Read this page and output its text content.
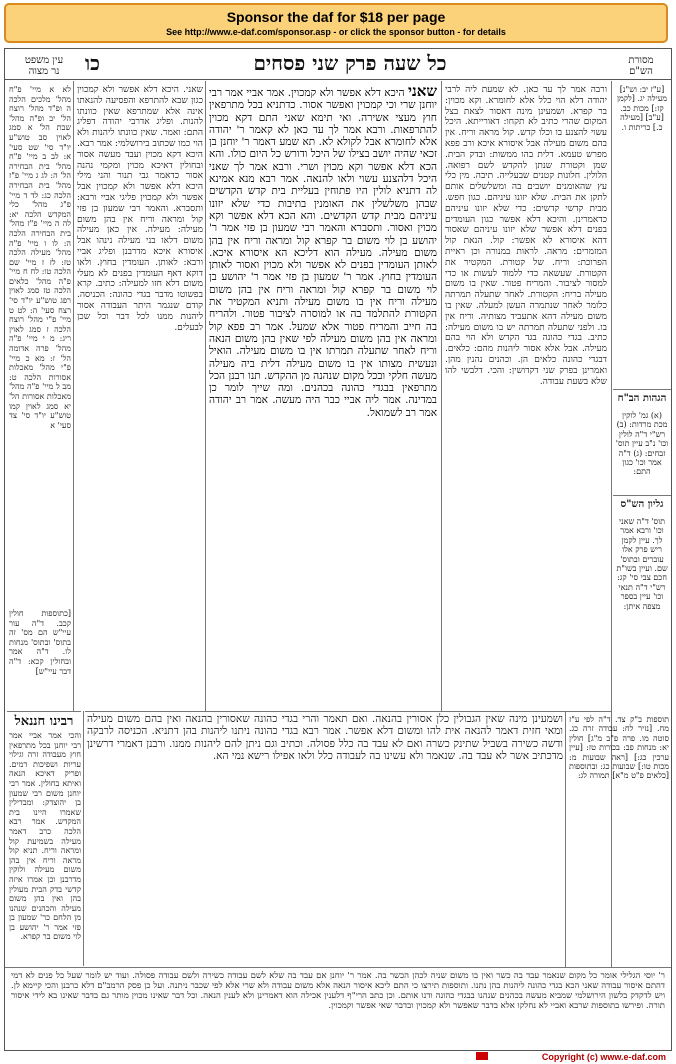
Sponsor the daf for $18 per page
See http://www.e-daf.com/sponsor.asp - or click the sponsor button - for details
עין משפט
נר מצוה	כו	כל שעה פרק שני פסחים	מסורת
הש"ם
לא א מיי' פ"ח מהל' מלכים הלכה ה ופ"ד מהל' רוצח הל' יב ופ"ה מהל' שבת הל' א סמג לאוין סב טוש"ע יו"ד סי' שט סעי' א: לב ב מיי' פ"ח מהל' בית הבחירה הל' ה: לג ג מיי' פ"ז מהל' בית הבחירה הלכה כג: לד ד מיי' פ"ג מהל' כלי המקדש הלכה יא: לה ה מיי' פ"ז מהל' בית הבחירה הלכה ה: לו ו מיי' פ"ה מהל' מעילה הלכה טז: לז ז מיי' שם הלכה טו: לח ח מיי' פ"ה מהל' כלאים הלכה טז סמג לאוין רפג טוש"ע יו"ד סי' רצח סעי' ה: לט ט מיי' פ"י מהל' רוצח הלכה ז סמג לאוין ריג: מ י מיי' פ"ה מהל' פרה אדומה הל' ז: מא כ מיי' פ"י מהל' מאכלות אסורות הלכה ט: מב ל מיי' פ"ה מהל' מאכלות אסורות הל' יא סמג לאוין קמו טוש"ע יו"ד סי' צד סעי' א
[כתוספות חולין קכב. ד"ה עור עיי"ש הם מס' זה בתוס' ובתוס' מנחות לו. ד"ה אמר ובחולין קכא: ד"ה דבר עיי"ש]
רבינו חננאל
והכי אמר אביי אמר רבי יוחנן בכל מתרפאין חוץ מעבודה זרה וגילוי עריות ושפיכות דמים. ופריק דאיכא הנאה ואיתא בחולין. אמר רבי יוחנן משום רבי שמעון בן יהוצדק: ומבדילין שאמרו היינו בית המקדש. אמר רבא הלכה כרב דאמר מעילה בשמיעת קול ומראה וריח. תניא קול מראה וריח אין בהן משום מעילה ולוקין מדרבנן וכן אמרו איזה קדשי בדק הבית מעולין בהן ואין בהן משום מעילה והכהנים שנהנו מן הלחם כר' שמעון בן פזי אמר ר' יהושע בן לוי משום בר קפרא.
שאני. היכא דלא אפשר ולא קמכוין כגון שבא להתרפא והפסיעה להנאתו אינה אלא שמתרפא שאין כוונתו להנות. ופליג אדרבי יהודה דפליג התם: ואמר. שאין כוונתו ליהנות ולא הוי כמו שכתוב בירושלמי: אמר רבא. היכא דקא מכוין ועבד מעשה אסור ובחולין דאיכא מכוין ומקמי נהנה אסור כדאמר גבי תנור והני מילי היכא דלא אפשר ולא קמכוין אבל אפשר ולא קמכוין פליגי אביי ורבא: ותסברא. והאמר רבי שמעון בן פזי קול ומראה וריח אין בהן משום מעילה: מעילה. אין כאן מעילה משום דלאו בני מעילה נינהו אבל איסורא איכא מדרבנן ופליג אביי ורבא: לאותן. העומדין בחוץ. ולאו דוקא דאף העומדין בפנים לא מעלי משום דלא חזו למעילה: כתיב. קרא בפשוטו מדבר בגדי כהונה: הכניסה. קודם שנגמר היתר העבודה אסור ליהנות ממנו לכל דבר וכל שכן לבעלים.
שאני היכא דלא אפשר ולא קמכוין. אמר אביי אמר רבי יוחנן שרי וכי קמכוין ואפשר אסור. כדתניא בכל מתרפאין חוץ מעצי אשירה. ואי תימא שאני התם דקא מכוין להתרפאות. ורבא אמר לך עד כאן לא קאמר ר' יהודה אלא לחומרא אבל לקולא לא. תא שמע דאמר ר' יוחנן בן זכאי שהיה יושב בצילו של היכל ודורש כל היום כולו. והא הכא דלא אפשר וקא מכוין ושרי. ורבא אמר לך שאני היכל דלהצנע עשוי ולאו להנאה. אמר רבא מנא אמינא לה דתניא לולין היו פתוחין בעליית בית קדש הקדשים שבהן משלשלין את האומנין בתיבות כדי שלא יזונו עיניהם מבית קדש הקדשים. והא הכא דלא אפשר וקא מכוין ואסור. ותסברא והאמר רבי שמעון בן פזי אמר ר' יהושע בן לוי משום בר קפרא קול ומראה וריח אין בהן משום מעילה. מעילה הוא דליכא הא איסורא איכא. לאותן העומדין בפנים לא אפשר ולא מכוין ואסור לאותן העומדין בחוץ. אמר ר' שמעון בן פזי אמר ר' יהושע בן לוי משום בר קפרא קול ומראה וריח אין בהן משום מעילה וריח אין בו משום מעילה ותניא המקטיר את הקטורת להתלמד בה או למוסרה לציבור פטור. ולהריח בה חייב והמריח פטור אלא שמעל. אמר רב פפא קול ומראה אין בהן משום מעילה לפי שאין בהן משום הנאה וריח לאחר שתעלה תמרתו אין בו משום מעילה. הואיל ונעשית מצותו אין בו משום מעילה דלית ביה מעילה מעשה חלקי ובכל מקום שנהנה מן ההקדש. תנו רבנן הכל מתרפאין בבגדי כהונה בכהנים. ומה שייך לומר כן במדינה. אמר ליה אביי כבר היה מעשה. אמר רב יהודה אמר רב לשמואל.
ושמעינן מינה שאין הגבולין כלן אסורין בהנאה. ואם תאמר והרי בגדי כהונה שאסורין בהנאה ואין בהם משום מעילה ומאי חזית דאמר להנאה אית להו ומשום דלא אפשר. אמר רבא בגדי כהונה ניתנו ליהנות בהן דתניא. הכניסה לרבקה ודשה כשירה בשביל שתינק כשרה ואם לא עבד בה כלל פסולה. וכתיב וגם ניתן להם ליהנות ממנו. ורבנן דאמרי דרשינן מדכתיב אשר לא עבד בה. שנאמר ולא עשינו בה לעבודה כלל ולאו אפילו רישא נמי הא.
ורבה אמר לך עד כאן. לא שמעת ליה לרבי יהודה דלא הוי כלל אלא לחומרא. וקא מכוין: בר קפרא. ושמעינן מינה דאסור לצאת בצל המקום שהרי כתיב לא תקחו: דאורייתא. היכל עשוי להצנע בו וכלו קדש. קול מראה וריח. אין בהם משום מעילה אבל איסורא איכא ורב פפא מפרש טעמא. דלית בהו ממשות: ובדק הבית. שמן וקטורת שנתן להקדש לשם רפואה. הלולין. חלונות קטנים שבעלייה. תיבה. מין כלי עץ שהאומנים יושבים בה ומשלשלים אותם לתקן את הבית. שלא יזונו עיניהם. כגון חפש. מבית קדשי קדשים: כדי שלא יזונו עיניהם כדאמרינן. והיכא דלא אפשר כגון העומדים בפנים דלא אפשר שלא יזונו עיניהם שאסור דהא איסורא לא אפשר: קול. הנאת קול המזמרים: מראה. לראות במנורה וכן ראיית הפרוכת: וריח. של קטורת. המקטיר את הקטורת. שעשאה כדי ללמוד לעשות או כדי למסור לציבור. והמריח פטור. שאין בו משום מעילה בריח: הקטורת. לאחר שתעלה תמרתה כלומר לאחר שנתמרה העשן למעלה. שאין בו משום מעילה דהא אתעביד מצותיה. וריח אין בו. ולפני שתעלה תמרתה יש בו משום מעילה: כתיב. בגדי כהונה בגד הקדש ולא הוי בהם מעילה. אבל אלא אסור ליהנות מהם: כלאים. דבגדי כהונה כלאים הן. וכהנים נהנין מהן. ואמרינן בפרק שני דקדושין: והכי. דלבשי להו שלא בשעת עבודה.
[ע"ז יב: וש"נ] מעילה יג. [לקמן קז:] מכות כב. [ע"ב] [מעילה כ.] כריתות ו.
הגהות הב"ח
(א) גמ' לוקין מכת מרדות: (ב) רש"י ד"ה לולין וכו' נ"ב עיין תוס' זבחים: (ג) ד"ה אמר וכו' כגון התם:
גליון הש"ס
תוס' ד"ה שאני וכו' ורבא אמר לך. עיין לקמן ריש פרק אלו עוברים ובתוס' שם. ועיין בשו"ת חכם צבי סי' קג: רש"י ד"ה תנאי וכו' עיין בספר מצפה איתן:
תוספות ב"ק צד. ד"ה לפי ע"ז מח. [נזיר לח: עבודה זרה כג. סוטה מו. פרה פ"ב מ"ג] חולין יא: מנחות פב: בכורות טז: [עיין ערכין כג:] [ראה שבועות מ: מכות טו:] שבועות כג: ובתוספות [כלאים פ"ט מ"א] תמורה לג:
ר' יוסי הגלילי אומר כל מקום שנאמר עבד בה כשר ואין בו משום שניה לכהן הכשר בה. אמר ר' יוחנן אם עבד בה שלא לשם עבודה כשירה ולשם עבודה פסולה. ועוד יש לומר שעל כל פנים לא דמי דהתם איסור עבודה שאני הכא בגדי כהונה ליהנות בהן נתנו. ותוספות תירצו כי התם ליכא איסור הנאה אלא משום עבודה ולא שרי אלא לפי שכבר ניתנה. ועל כן פסק הרמב"ם דלא כרבנן והכי קיימא לן. ויש לדקדק בלשון הירושלמי שמביא מעשה בכהנים שנהנו בבגדי כהונה ודנו אותם. וכן כתב הרי"ף דלענין אכילה הוא דאמרינן ולא לענין הנאה. וכל דבר שאינו מכוין מותר גם בדבר שאינו בא לידי איסור תורה. ופירשו בתוספות שרבא ואביי לא נחלקו אלא בדבר שאפשר ולא קמכוין ובדבר שאי אפשר וקמכוין.
Copyright (c) www.e-daf.com
